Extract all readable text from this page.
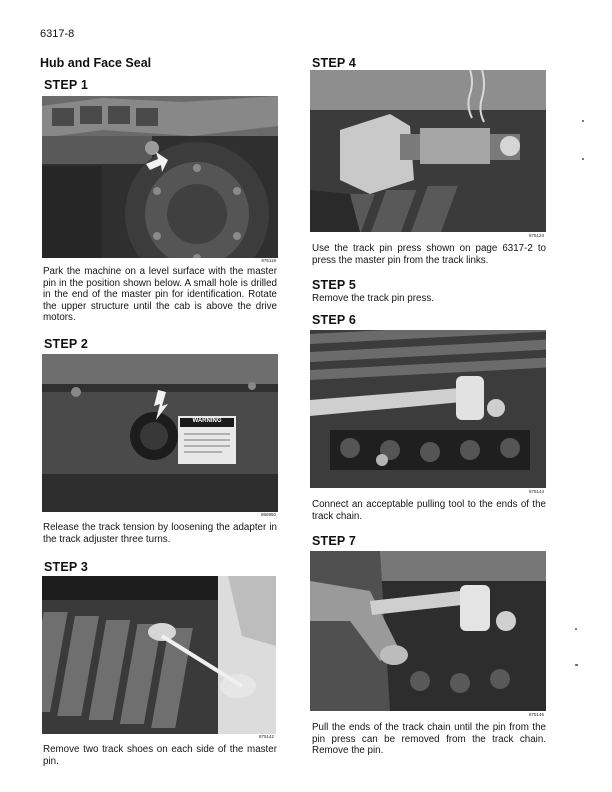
6317-8
Hub and Face Seal
STEP 1
875118
Park the machine on a level surface with the master pin in the position shown below. A small hole is drilled in the end of the master pin for identification. Rotate the upper structure until the cab is above the drive motors.
STEP 2
WARNING
866950
Release the track tension by loosening the adapter in the track adjuster three turns.
STEP 3
875142
Remove two track shoes on each side of the master pin.
STEP 4
875123
Use the track pin press shown on page 6317-2 to press the master pin from the track links.
STEP 5
Remove the track pin press.
STEP 6
875144
Connect an acceptable pulling tool to the ends of the track chain.
STEP 7
875145
Pull the ends of the track chain until the pin from the pin press can be removed from the track chain. Remove the pin.
